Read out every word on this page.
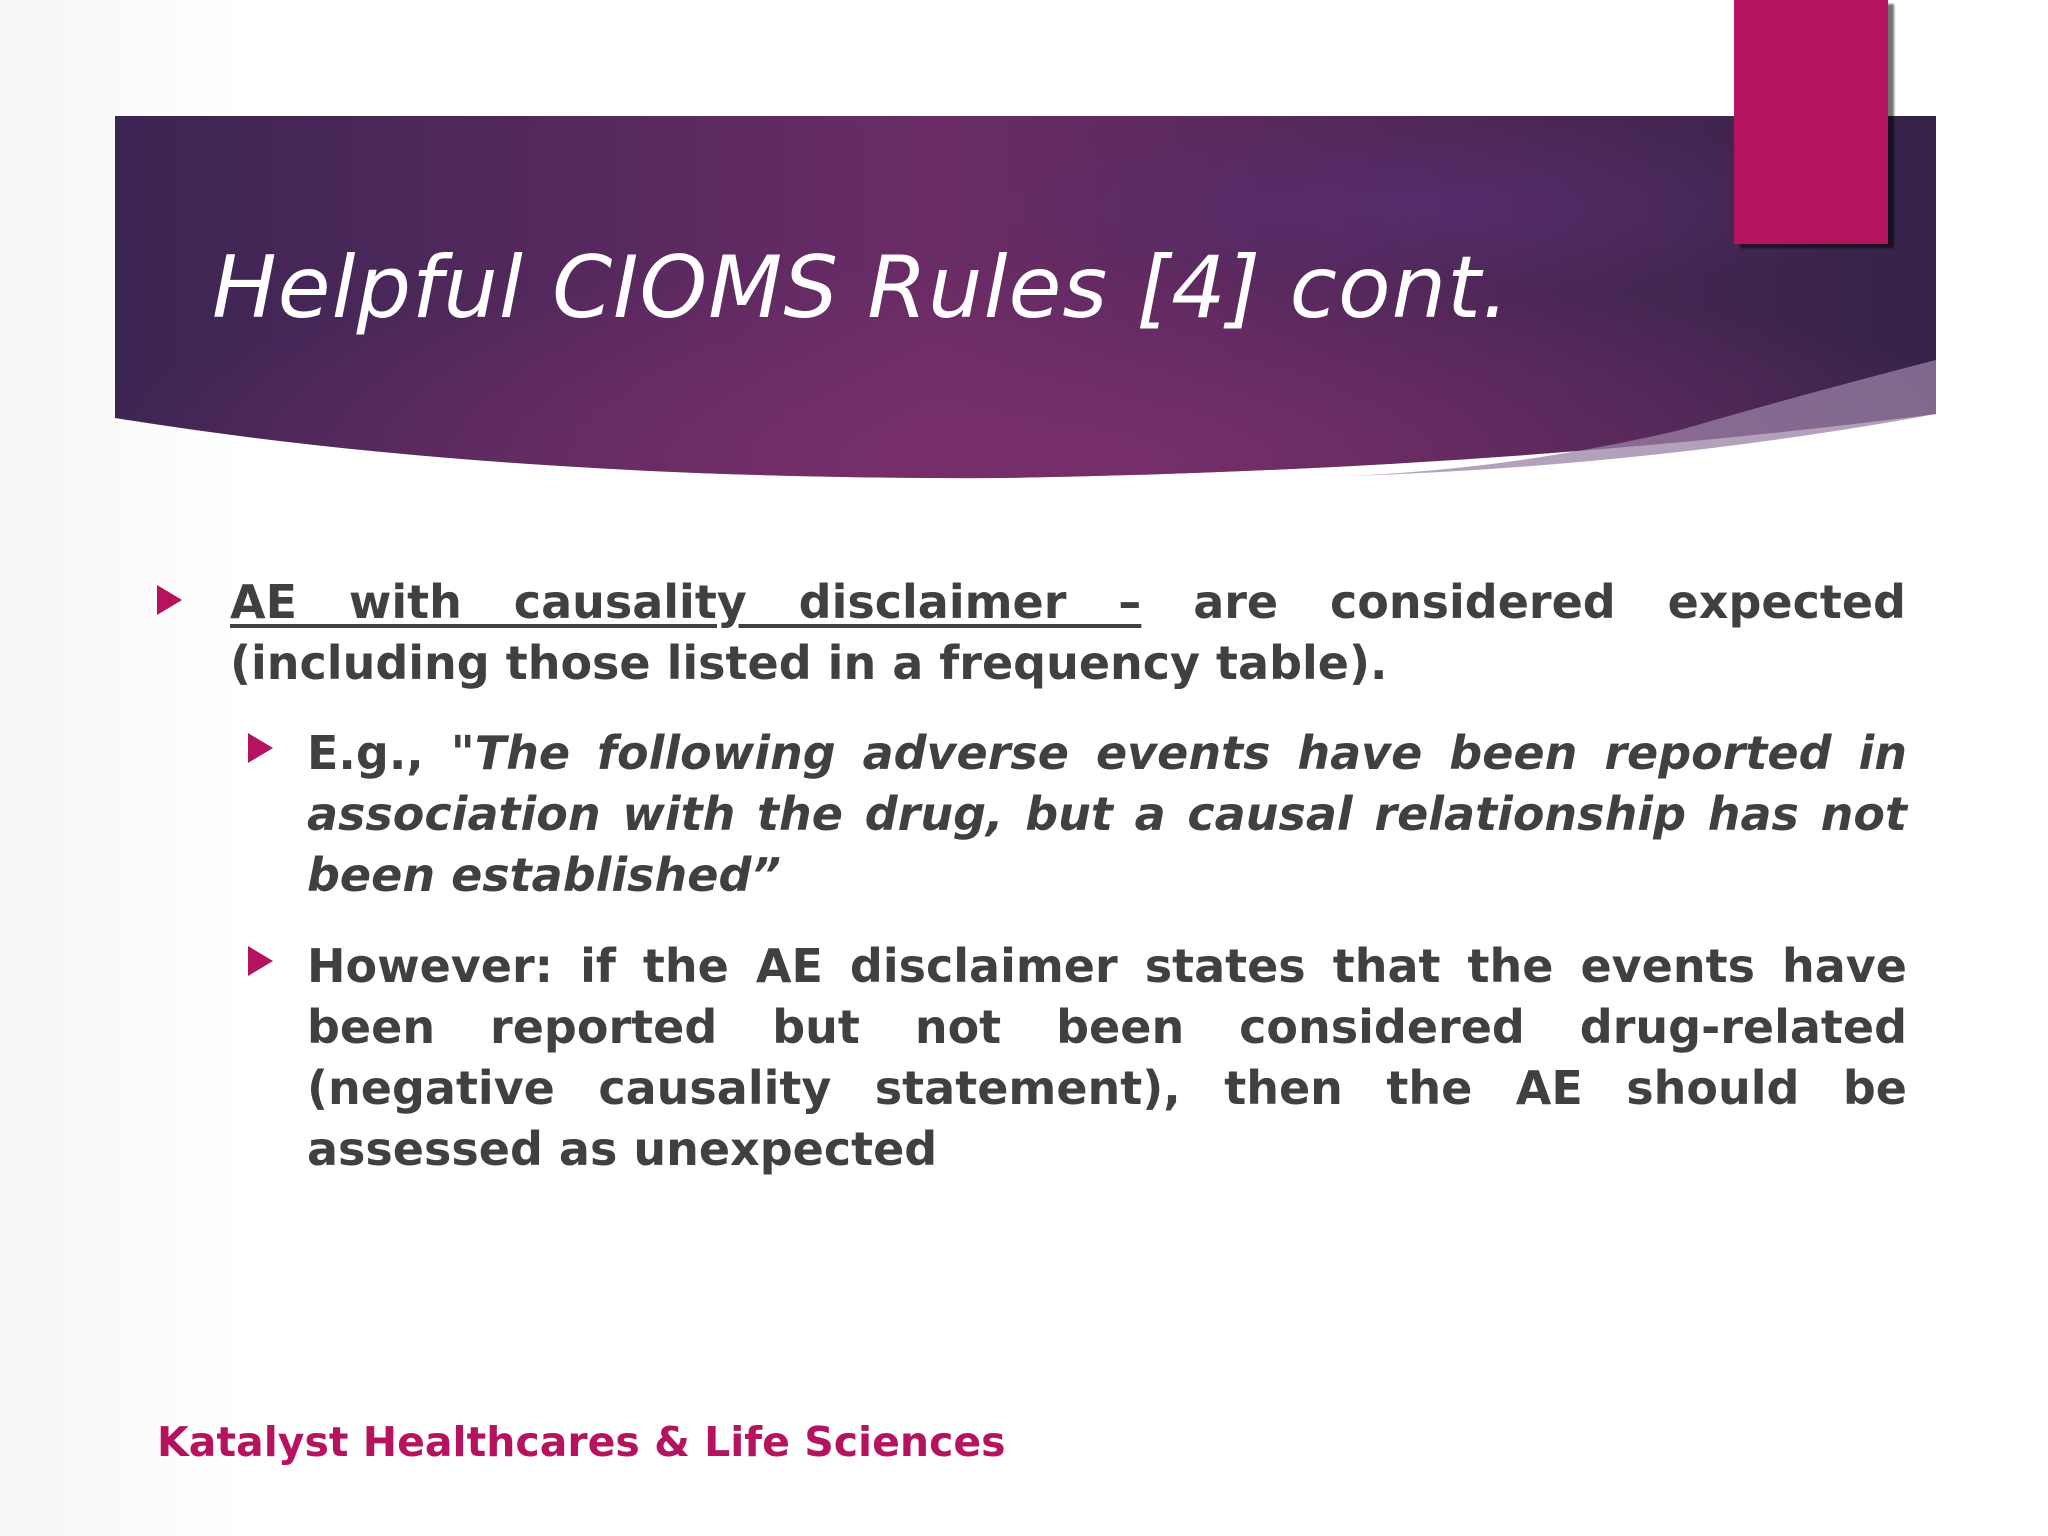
Helpful CIOMS Rules [4] cont.

AE with causality disclaimer – are considered expected (including those listed in a frequency table).

E.g., "The following adverse events have been reported in association with the drug, but a causal relationship has not been established”

However: if the AE disclaimer states that the events have been reported but not been considered drug-related (negative causality statement), then the AE should be assessed as unexpected

Katalyst Healthcares & Life Sciences
